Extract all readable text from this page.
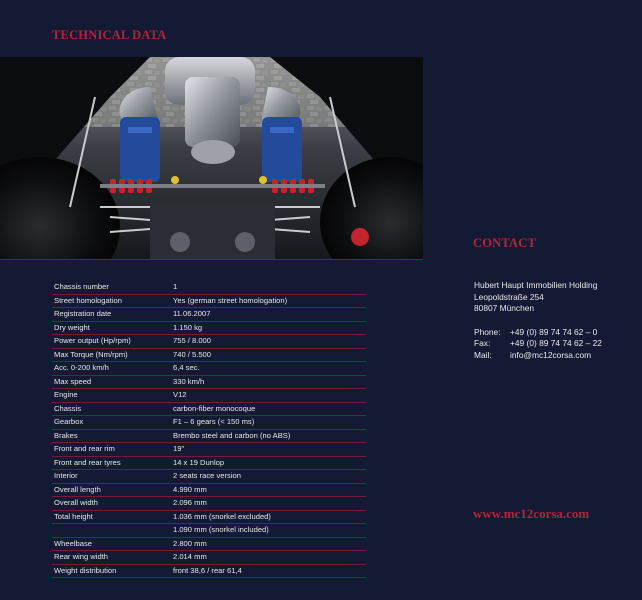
TECHNICAL DATA
Chassis number	1
Street homologation	Yes (german street homologation)
Registration date	11.06.2007
Dry weight	1.150 kg
Power output (Hp/rpm)	755 / 8.000
Max Torque (Nm/rpm)	740 / 5.500
Acc. 0-200 km/h	6,4 sec.
Max speed	330 km/h
Engine	V12
Chassis	carbon-fiber monocoque
Gearbox	F1 – 6 gears (< 150 ms)
Brakes	Brembo steel and carbon (no ABS)
Front and rear rim	19"
Front and rear tyres	14 x 19 Dunlop
Interior	2 seats race version
Overall length	4.990 mm
Overall width	2.096 mm
Total height	1.036 mm (snorkel excluded)
	1.090 mm (snorkel included)
Wheelbase	2.800 mm
Rear wing width	2.014 mm
Weight distribution	front 38,6 / rear 61,4
CONTACT
Hubert Haupt Immobilien Holding
Leopoldstraße 254
80807 München
Phone:	+49 (0) 89 74 74 62 – 0
Fax:	+49 (0) 89 74 74 62 – 22
Mail:	info@mc12corsa.com
www.mc12corsa.com
